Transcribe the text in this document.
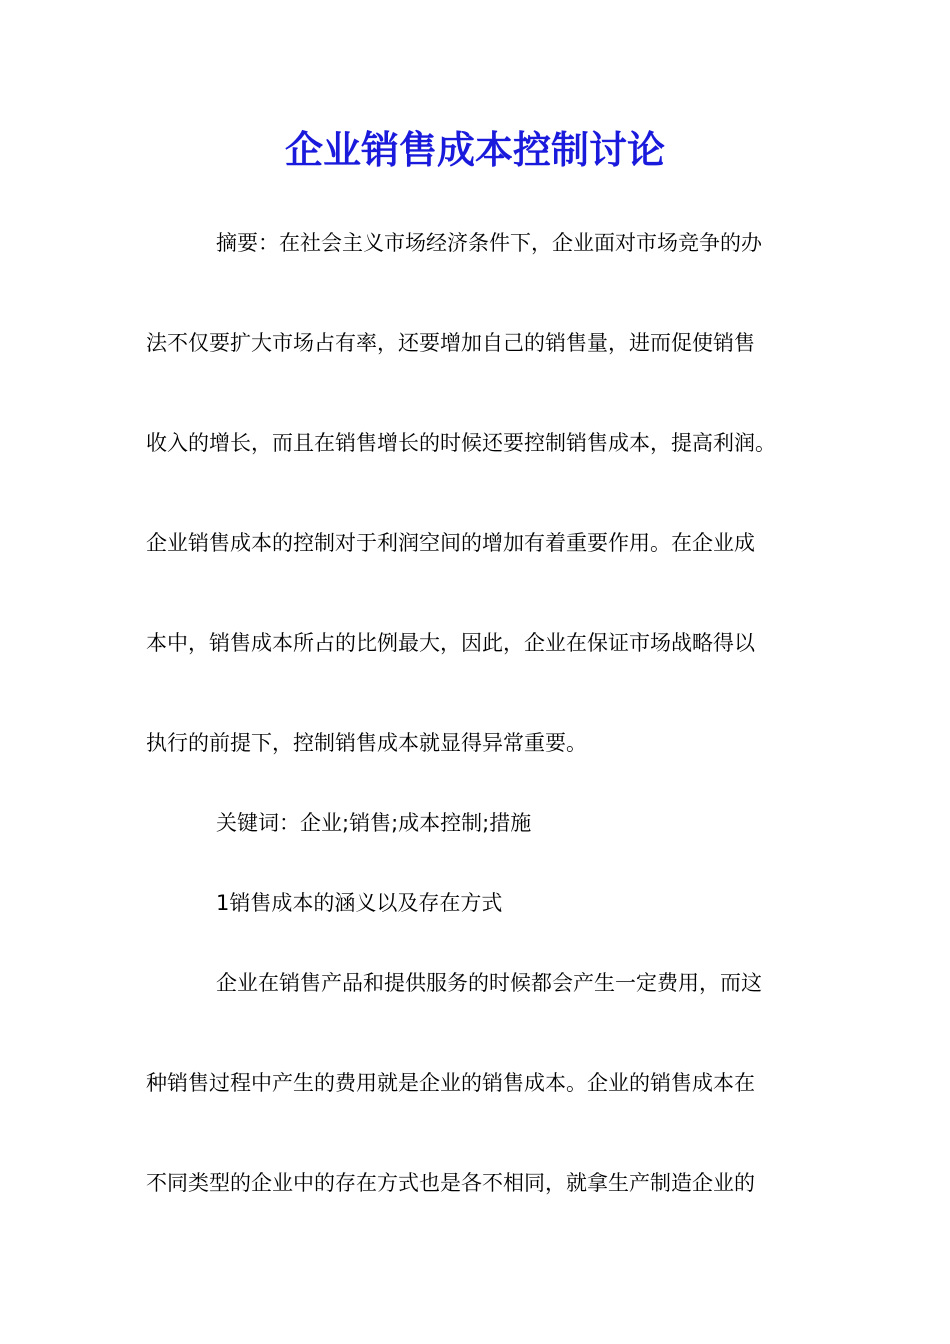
企业销售成本控制讨论

摘要：在社会主义市场经济条件下，企业面对市场竞争的办

法不仅要扩大市场占有率，还要增加自己的销售量，进而促使销售

收入的增长，而且在销售增长的时候还要控制销售成本，提高利润。

企业销售成本的控制对于利润空间的增加有着重要作用。在企业成

本中，销售成本所占的比例最大，因此，企业在保证市场战略得以

执行的前提下，控制销售成本就显得异常重要。

关键词：企业;销售;成本控制;措施

1销售成本的涵义以及存在方式

企业在销售产品和提供服务的时候都会产生一定费用，而这

种销售过程中产生的费用就是企业的销售成本。企业的销售成本在

不同类型的企业中的存在方式也是各不相同，就拿生产制造企业的
